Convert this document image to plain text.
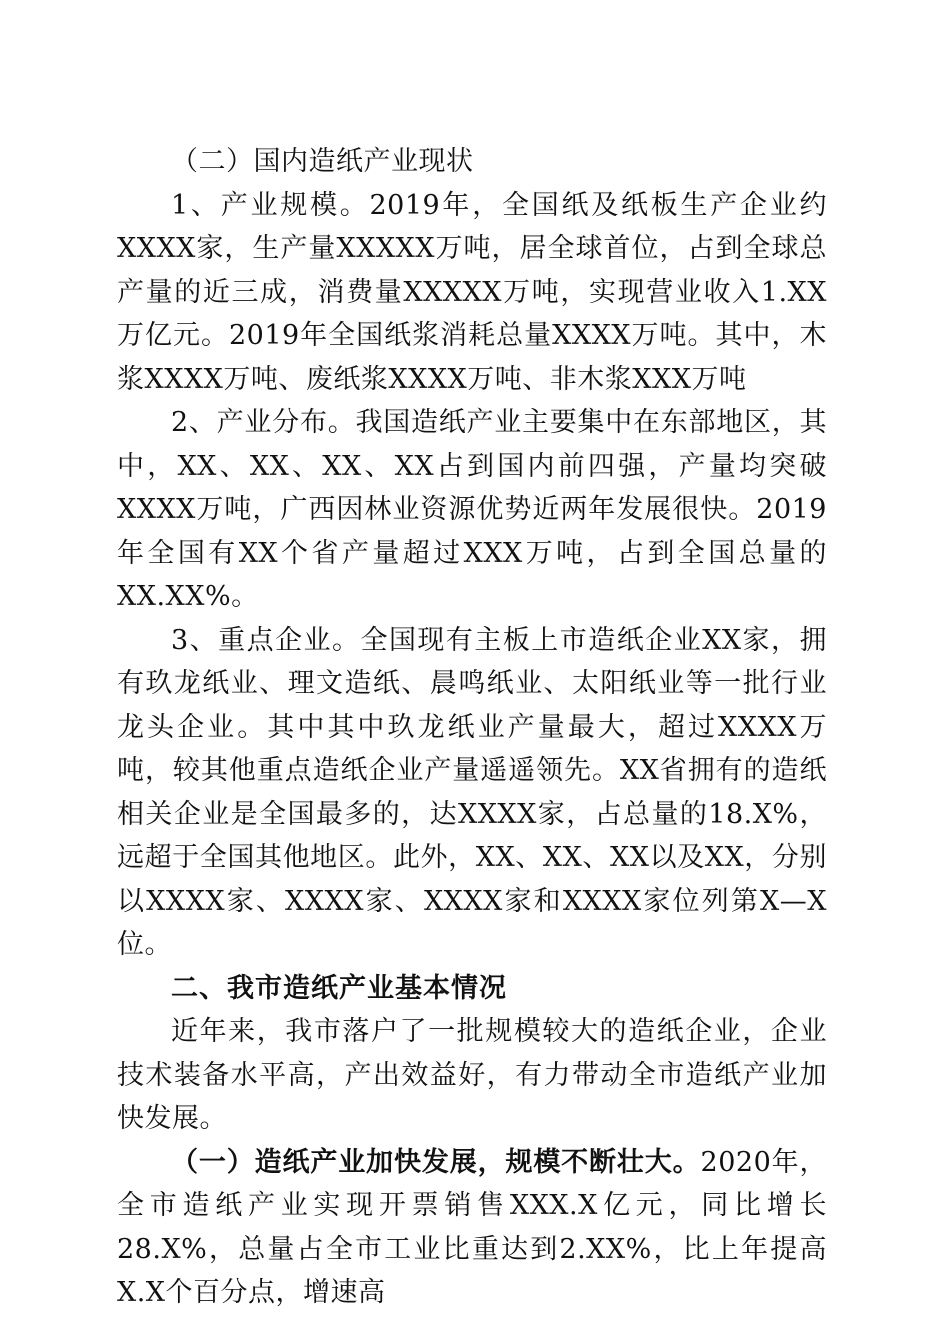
（二）国内造纸产业现状

1、产业规模。2019年，全国纸及纸板生产企业约XXXX家，生产量XXXXX万吨，居全球首位，占到全球总产量的近三成，消费量XXXXX万吨，实现营业收入1.XX万亿元。2019年全国纸浆消耗总量XXXX万吨。其中，木浆XXXX万吨、废纸浆XXXX万吨、非木浆XXX万吨

2、产业分布。我国造纸产业主要集中在东部地区，其中，XX、XX、XX、XX占到国内前四强，产量均突破XXXX万吨，广西因林业资源优势近两年发展很快。2019年全国有XX个省产量超过XXX万吨，占到全国总量的XX.XX%。

3、重点企业。全国现有主板上市造纸企业XX家，拥有玖龙纸业、理文造纸、晨鸣纸业、太阳纸业等一批行业龙头企业。其中其中玖龙纸业产量最大，超过XXXX万吨，较其他重点造纸企业产量遥遥领先。XX省拥有的造纸相关企业是全国最多的，达XXXX家，占总量的18.X%，远超于全国其他地区。此外，XX、XX、XX以及XX，分别以XXXX家、XXXX家、XXXX家和XXXX家位列第X—X位。

二、我市造纸产业基本情况

近年来，我市落户了一批规模较大的造纸企业，企业技术装备水平高，产出效益好，有力带动全市造纸产业加快发展。

（一）造纸产业加快发展，规模不断壮大。2020年，全市造纸产业实现开票销售XXX.X亿元，同比增长28.X%，总量占全市工业比重达到2.XX%，比上年提高X.X个百分点，增速高
